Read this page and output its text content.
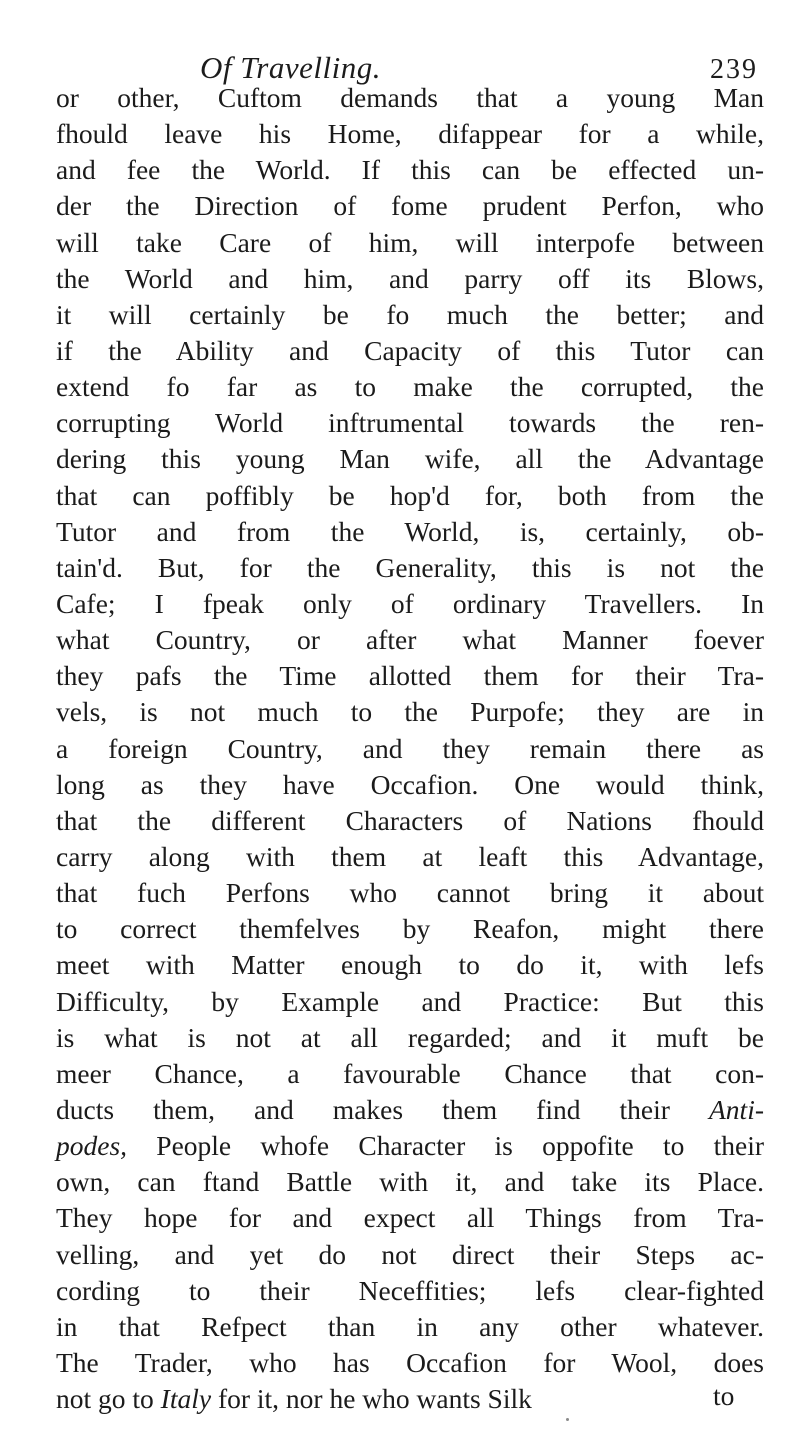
Of Travelling.	239
or other, Cuftom demands that a young Man
fhould leave his Home, difappear for a while,
and fee the World. If this can be effected un-
der the Direction of fome prudent Perfon, who
will take Care of him, will interpofe between
the World and him, and parry off its Blows,
it will certainly be fo much the better; and
if the Ability and Capacity of this Tutor can
extend fo far as to make the corrupted, the
corrupting World inftrumental towards the ren-
dering this young Man wife, all the Advantage
that can poffibly be hop'd for, both from the
Tutor and from the World, is, certainly, ob-
tain'd. But, for the Generality, this is not the
Cafe; I fpeak only of ordinary Travellers. In
what Country, or after what Manner foever
they pafs the Time allotted them for their Tra-
vels, is not much to the Purpofe; they are in
a foreign Country, and they remain there as
long as they have Occafion. One would think,
that the different Characters of Nations fhould
carry along with them at leaft this Advantage,
that fuch Perfons who cannot bring it about
to correct themfelves by Reafon, might there
meet with Matter enough to do it, with lefs
Difficulty, by Example and Practice: But this
is what is not at all regarded; and it muft be
meer Chance, a favourable Chance that con-
ducts them, and makes them find their Anti-
podes, People whofe Character is oppofite to their
own, can ftand Battle with it, and take its Place.
They hope for and expect all Things from Tra-
velling, and yet do not direct their Steps ac-
cording to their Neceffities; lefs clear-fighted
in that Refpect than in any other whatever.
The Trader, who has Occafion for Wool, does
not go to Italy for it, nor he who wants Silk	to
